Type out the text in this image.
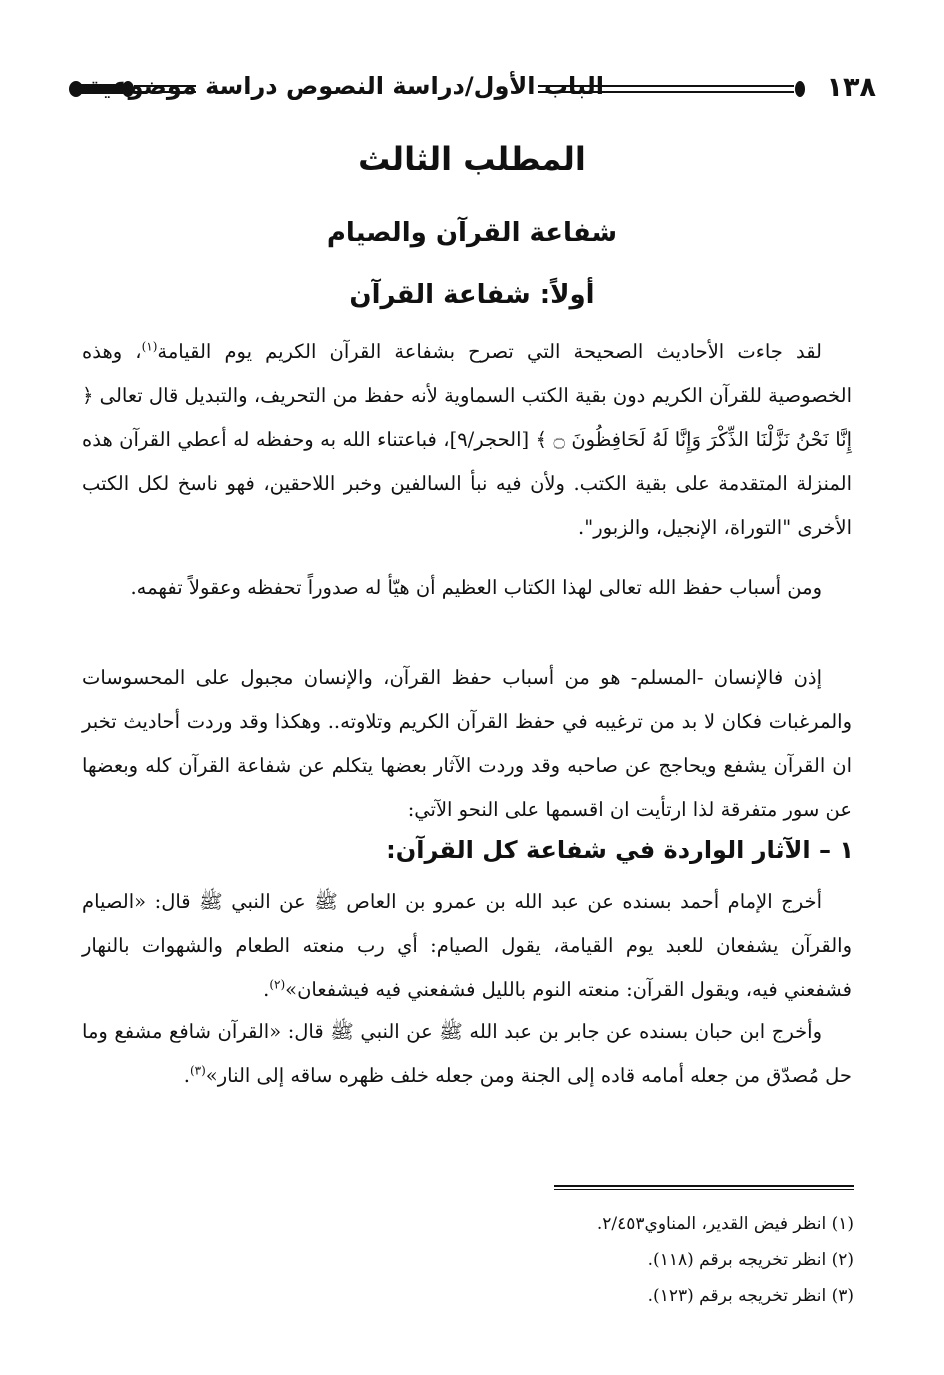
١٣٨
الباب الأول/دراسة النصوص دراسة موضوعية
المطلب الثالث
شفاعة القرآن والصيام
أولاً: شفاعة القرآن
لقد جاءت الأحاديث الصحيحة التي تصرح بشفاعة القرآن الكريم يوم القيامة$^{(١)}$، وهذه الخصوصية للقرآن الكريم دون بقية الكتب السماوية لأنه حفظ من التحريف، والتبديل قال تعالى ﴿ إِنَّا نَحْنُ نَزَّلْنَا الذِّكْرَ وَإِنَّا لَهُ لَحَافِظُونَ ۝ ﴾ [الحجر/٩]، فباعتناء الله به وحفظه له أعطي القرآن هذه المنزلة المتقدمة على بقية الكتب. ولأن فيه نبأ السالفين وخبر اللاحقين، فهو ناسخ لكل الكتب الأخرى "التوراة، الإنجيل، والزبور".
ومن أسباب حفظ الله تعالى لهذا الكتاب العظيم أن هيّأ له صدوراً تحفظه وعقولاً تفهمه.
إذن فالإنسان -المسلم- هو من أسباب حفظ القرآن، والإنسان مجبول على المحسوسات والمرغبات فكان لا بد من ترغيبه في حفظ القرآن الكريم وتلاوته.. وهكذا وقد وردت أحاديث تخبر ان القرآن يشفع ويحاجج عن صاحبه وقد وردت الآثار بعضها يتكلم عن شفاعة القرآن كله وبعضها عن سور متفرقة لذا ارتأيت ان اقسمها على النحو الآتي:
١ – الآثار الواردة في شفاعة كل القرآن:
أخرج الإمام أحمد بسنده عن عبد الله بن عمرو بن العاص ﷺ عن النبي ﷺ قال: «الصيام والقرآن يشفعان للعبد يوم القيامة، يقول الصيام: أي رب منعته الطعام والشهوات بالنهار فشفعني فيه، ويقول القرآن: منعته النوم بالليل فشفعني فيه فيشفعان»$^{(٢)}$.
وأخرج ابن حبان بسنده عن جابر بن عبد الله ﷺ عن النبي ﷺ قال: «القرآن شافع مشفع وما حل مُصدّق من جعله أمامه قاده إلى الجنة ومن جعله خلف ظهره ساقه إلى النار»$^{(٣)}$.
(١) انظر فيض القدير، المناوي٢/٤٥٣.
(٢) انظر تخريجه برقم (١١٨).
(٣) انظر تخريجه برقم (١٢٣).
